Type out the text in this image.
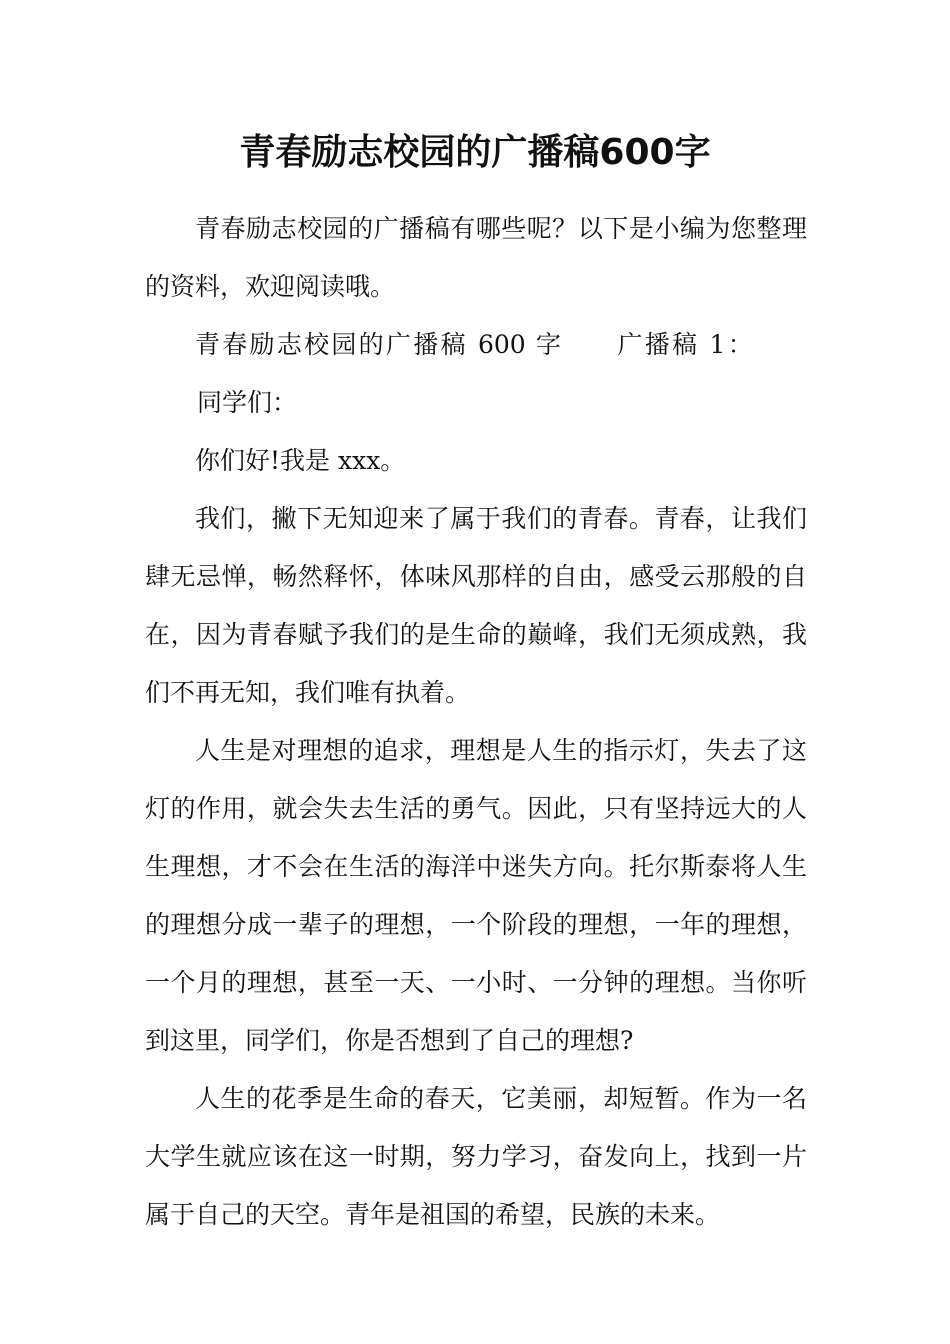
青春励志校园的广播稿600字

青春励志校园的广播稿有哪些呢？以下是小编为您整理的资料，欢迎阅读哦。

青春励志校园的广播稿 600 字 广播稿 1：同学们：

你们好!我是 xxx。

我们，撇下无知迎来了属于我们的青春。青春，让我们肆无忌惮，畅然释怀，体味风那样的自由，感受云那般的自在，因为青春赋予我们的是生命的巅峰，我们无须成熟，我们不再无知，我们唯有执着。

人生是对理想的追求，理想是人生的指示灯，失去了这灯的作用，就会失去生活的勇气。因此，只有坚持远大的人生理想，才不会在生活的海洋中迷失方向。托尔斯泰将人生的理想分成一辈子的理想，一个阶段的理想，一年的理想，一个月的理想，甚至一天、一小时、一分钟的理想。当你听到这里，同学们，你是否想到了自己的理想?

人生的花季是生命的春天，它美丽，却短暂。作为一名大学生就应该在这一时期，努力学习，奋发向上，找到一片属于自己的天空。青年是祖国的希望，民族的未来。
